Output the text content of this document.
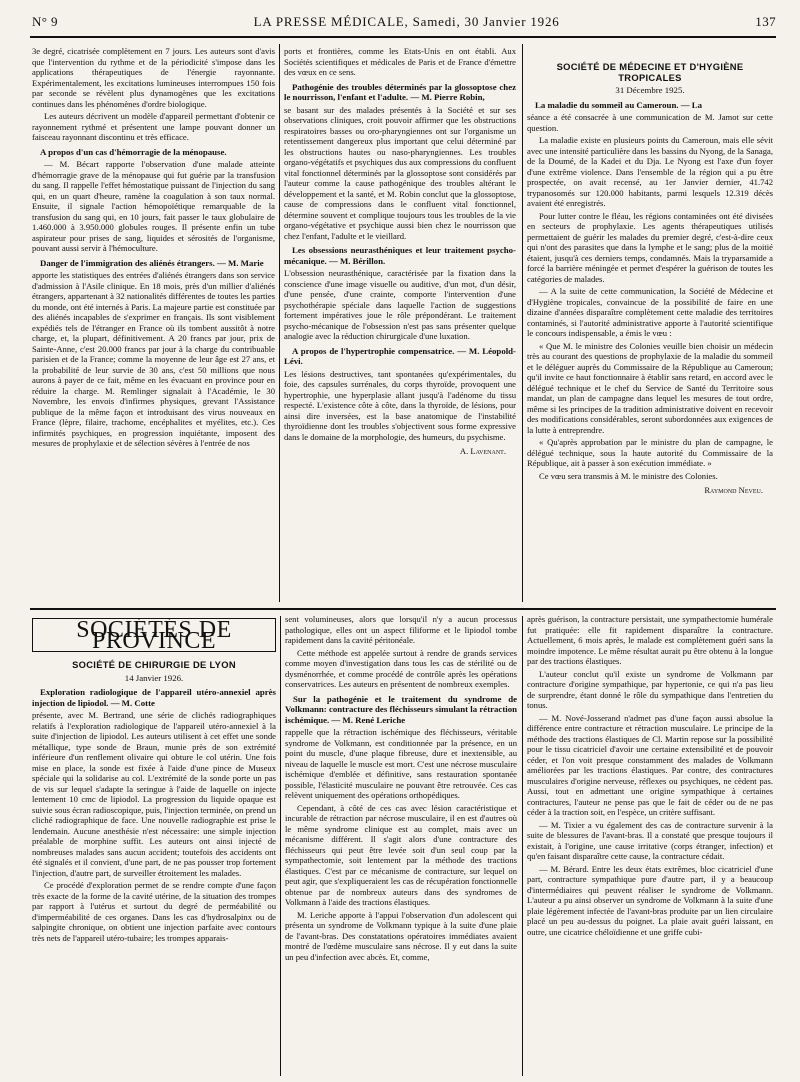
N° 9	LA PRESSE MÉDICALE, Samedi, 30 Janvier 1926	137

3e degré, cicatrisée complètement en 7 jours. Les auteurs sont d'avis que l'intervention du rythme et de la périodicité s'impose dans les applications thérapeutiques de l'énergie rayonnante. Expérimentalement, les excitations lumineuses interrompues 150 fois par seconde se révèlent plus dynamogènes que les excitations continues dans les phénomènes d'ordre biologique.

Les auteurs décrivent un modèle d'appareil permettant d'obtenir ce rayonnement rythmé et présentent une lampe pouvant donner un faisceau rayonnant discontinu et très efficace.

A propos d'un cas d'hémorragie de la ménopause.

— M. Bécart rapporte l'observation d'une malade atteinte d'hémorragie grave de la ménopause qui fut guérie par la transfusion du sang. Il rappelle l'effet hémostatique puissant de l'injection du sang qui, en un quart d'heure, ramène la coagulation à son taux normal. Ensuite, il signale l'action hémopoïétique remarquable de la transfusion du sang qui, en 10 jours, fait passer le taux globulaire de 1.460.000 à 3.950.000 globules rouges. Il présente enfin un tube aspirateur pour prises de sang, liquides et sérosités de l'organisme, pouvant aussi servir à l'hémoculture.

Danger de l'immigration des aliénés étrangers. — M. Marie

apporte les statistiques des entrées d'aliénés étrangers dans son service d'admission à l'Asile clinique. En 18 mois, près d'un millier d'aliénés étrangers, appartenant à 32 nationalités différentes de toutes les parties du monde, ont été internés à Paris. La majeure partie est constituée par des aliénés incapables de s'exprimer en français. Ils sont visiblement expédiés tels de l'étranger en France où ils tombent aussitôt à notre charge, et, la plupart, définitivement. A 20 francs par jour, prix de Sainte-Anne, c'est 20.000 francs par jour à la charge du contribuable parisien et de la France; comme la moyenne de leur âge est 27 ans, et la probabilité de leur survie de 30 ans, c'est 50 millions que nous aurons à payer de ce fait, même en les évacuant en province pour en réduire la charge. M. Remlinger signalait à l'Académie, le 30 Novembre, les envois d'infirmes physiques, grevant l'Assistance publique de la même façon et introduisant des virus nouveaux en France (lèpre, filaire, trachome, encéphalites et myélites, etc.). Ces infirmités psychiques, en progression inquiétante, imposent des mesures de prophylaxie et de sélection sévères à l'entrée de nos

ports et frontières, comme les Etats-Unis en ont établi. Aux Sociétés scientifiques et médicales de Paris et de France d'émettre des vœux en ce sens.

Pathogénie des troubles déterminés par la glossoptose chez le nourrisson, l'enfant et l'adulte. — M. Pierre Robin,

se basant sur des malades présentés à la Société et sur ses observations cliniques, croit pouvoir affirmer que les obstructions respiratoires basses ou oro-pharyngiennes ont sur l'organisme un retentissement dangereux plus important que celui déterminé par les obstructions hautes ou naso-pharyngiennes. Les troubles organo-végétatifs et psychiques dus aux compressions du confluent vital fonctionnel déterminés par la glossoptose sont considérés par l'auteur comme la cause pathogénique des troubles altérant le développement et la santé, et M. Robin conclut que la glossoptose, cause de compressions dans le confluent vital fonctionnel, détermine souvent et complique toujours tous les troubles de la vie organo-végétative et psychique aussi bien chez le nourrisson que chez l'enfant, l'adulte et le vieillard.

Les obsessions neurasthéniques et leur traitement psycho-mécanique. — M. Bérillon.

L'obsession neurasthénique, caractérisée par la fixation dans la conscience d'une image visuelle ou auditive, d'un mot, d'un désir, d'une pensée, d'une crainte, comporte l'intervention d'une psychothérapie spéciale dans laquelle l'action de suggestions fortement impératives joue le rôle prépondérant. Le traitement psycho-mécanique de l'obsession n'est pas sans présenter quelque analogie avec la réduction chirurgicale d'une luxation.

A propos de l'hypertrophie compensatrice. — M. Léopold-Lévi.

Les lésions destructives, tant spontanées qu'expérimentales, du foie, des capsules surrénales, du corps thyroïde, provoquent une hypertrophie, une hyperplasie allant jusqu'à l'adénome du tissu respecté. L'existence côte à côte, dans la thyroïde, de lésions, pour ainsi dire inversées, est la base anatomique de l'instabilité thyroïdienne dont les troubles s'objectivent sous forme expressive dans le domaine de la morphologie, des humeurs, du psychisme.

A. Lavenant.
SOCIÉTÉ DE MÉDECINE ET D'HYGIÈNE TROPICALES
31 Décembre 1925.
La maladie du sommeil au Cameroun. — La

séance a été consacrée à une communication de M. Jamot sur cette question.

La maladie existe en plusieurs points du Cameroun, mais elle sévit avec une intensité particulière dans les bassins du Nyong, de la Sanaga, de la Doumé, de la Kadei et du Dja. Le Nyong est l'axe d'un foyer d'une extrême violence. Dans l'ensemble de la région qui a pu être prospectée, on avait recensé, au 1er Janvier dernier, 41.742 trypanosomés sur 120.000 habitants, parmi lesquels 12.319 décès avaient été enregistrés.

Pour lutter contre le fléau, les régions contaminées ont été divisées en secteurs de prophylaxie. Les agents thérapeutiques utilisés permettaient de guérir les malades du premier degré, c'est-à-dire ceux qui n'ont des parasites que dans la lymphe et le sang; plus de la moitié étaient, jusqu'à ces derniers temps, condamnés. Mais la tryparsamide a forcé la barrière méningée et permet d'espérer la guérison de toutes les catégories de malades.

— A la suite de cette communication, la Société de Médecine et d'Hygiène tropicales, convaincue de la possibilité de faire en une dizaine d'années disparaître complètement cette maladie des territoires contaminés, si l'autorité administrative apporte à l'autorité scientifique le concours indispensable, a émis le vœu :

« Que M. le ministre des Colonies veuille bien choisir un médecin très au courant des questions de prophylaxie de la maladie du sommeil et le déléguer auprès du Commissaire de la République au Cameroun; qu'il invite ce haut fonctionnaire à établir sans retard, en accord avec le délégué technique et le chef du Service de Santé du Territoire sous mandat, un plan de campagne dans lequel les mesures de tout ordre, même si les principes de la tradition administrative doivent en recevoir des modifications considérables, seront subordonnées aux exigences de la lutte à entreprendre.

« Qu'après approbation par le ministre du plan de campagne, le délégué technique, sous la haute autorité du Commissaire de la République, ait à passer à son exécution immédiate. »

Ce vœu sera transmis à M. le ministre des Colonies.

Raymond Neveu.
SOCIÉTÉS DE PROVINCE
SOCIÉTÉ DE CHIRURGIE DE LYON
14 Janvier 1926.
Exploration radiologique de l'appareil utéro-annexiel après injection de lipiodol. — M. Cotte

présente, avec M. Bertrand, une série de clichés radiographiques relatifs à l'exploration radiologique de l'appareil utéro-annexiel à la suite d'injection de lipiodol. Les auteurs utilisent à cet effet une sonde métallique, type sonde de Braun, munie près de son extrémité inférieure d'un renflement olivaire qui obture le col utérin. Une fois mise en place, la sonde est fixée à l'aide d'une pince de Museux spéciale qui la solidarise au col. L'extrémité de la sonde porte un pas de vis sur lequel s'adapte la seringue à l'aide de laquelle on injecte lentement 10 cmc de lipiodol. La progression du liquide opaque est suivie sous écran radioscopique, puis, l'injection terminée, on prend un cliché radiographique de face. Une nouvelle radiographie est prise le lendemain. Aucune anesthésie n'est nécessaire: une simple injection préalable de morphine suffit. Les auteurs ont ainsi injecté de nombreuses malades sans aucun accident; toutefois des accidents ont été signalés et il convient, d'une part, de ne pas pousser trop fortement l'injection, d'autre part, de surveiller étroitement les malades.

Ce procédé d'exploration permet de se rendre compte d'une façon très exacte de la forme de la cavité utérine, de la situation des trompes par rapport à l'utérus et surtout du degré de perméabilité ou d'imperméabilité de ces organes. Dans les cas d'hydrosalpinx ou de salpingite chronique, on obtient une injection parfaite avec contours très nets de l'appareil utéro-tubaire; les trompes apparais-

sent volumineuses, alors que lorsqu'il n'y a aucun processus pathologique, elles ont un aspect filiforme et le lipiodol tombe rapidement dans la cavité péritonéale.

Cette méthode est appelée surtout à rendre de grands services comme moyen d'investigation dans tous les cas de stérilité ou de dysménorrhée, et comme procédé de contrôle après les opérations conservatrices. Les auteurs en présentent de nombreux exemples.

Sur la pathogénie et le traitement du syndrome de Volkmann: contracture des fléchisseurs simulant la rétraction ischémique. — M. René Leriche

rappelle que la rétraction ischémique des fléchisseurs, véritable syndrome de Volkmann, est conditionnée par la présence, en un point du muscle, d'une plaque fibreuse, dure et inextensible, au niveau de laquelle le muscle est mort. C'est une nécrose musculaire ischémique d'emblée et définitive, sans restauration spontanée possible, l'élasticité musculaire ne pouvant être retrouvée. Ces cas relèvent uniquement des opérations orthopédiques.

Cependant, à côté de ces cas avec lésion caractéristique et incurable de rétraction par nécrose musculaire, il en est d'autres où le même syndrome clinique est au complet, mais avec un mécanisme différent. Il s'agit alors d'une contracture des fléchisseurs qui peut être levée soit d'un seul coup par la sympathectomie, soit lentement par la méthode des tractions élastiques. C'est par ce mécanisme de contracture, sur lequel on peut agir, que s'expliqueraient les cas de récupération fonctionnelle obtenue par de nombreux auteurs dans des syndromes de Volkmann à l'aide des tractions élastiques.

M. Leriche apporte à l'appui l'observation d'un adolescent qui présenta un syndrome de Volkmann typique à la suite d'une plaie de l'avant-bras. Des constatations opératoires immédiates avaient montré de l'œdème musculaire sans nécrose. Il y eut dans la suite un peu d'infection avec abcès. Et, comme,

après guérison, la contracture persistait, une sympathectomie humérale fut pratiquée: elle fit rapidement disparaître la contracture. Actuellement, 6 mois après, le malade est complètement guéri sans la moindre impotence. Le même résultat aurait pu être obtenu à la longue par des tractions élastiques.

L'auteur conclut qu'il existe un syndrome de Volkmann par contracture d'origine sympathique, par hypertonie, ce qui n'a pas lieu de surprendre, étant donné le rôle du sympathique dans l'entretien du tonus.

— M. Nové-Josserand n'admet pas d'une façon aussi absolue la différence entre contracture et rétraction musculaire. Le principe de la méthode des tractions élastiques de Cl. Martin repose sur la possibilité pour le tissu cicatriciel d'avoir une certaine extensibilité et de pouvoir céder, et l'on voit presque constamment des malades de Volkmann améliorées par les tractions élastiques. Par contre, des contractures musculaires d'origine nerveuse, réflexes ou psychiques, ne cèdent pas. Aussi, tout en admettant une origine sympathique à certaines contractures, l'auteur ne pense pas que le fait de céder ou de ne pas céder à la traction soit, en l'espèce, un critère suffisant.

— M. Tixier a vu également des cas de contracture survenir à la suite de blessures de l'avant-bras. Il a constaté que presque toujours il existait, à l'origine, une cause irritative (corps étranger, infection) et qu'en faisant disparaître cette cause, la contracture cédait.

— M. Bérard. Entre les deux états extrêmes, bloc cicatriciel d'une part, contracture sympathique pure d'autre part, il y a beaucoup d'intermédiaires qui peuvent réaliser le syndrome de Volkmann. L'auteur a pu ainsi observer un syndrome de Volkmann à la suite d'une plaie légèrement infectée de l'avant-bras produite par un lien circulaire placé un peu au-dessus du poignet. La plaie avait guéri laissant, en outre, une cicatrice chéloïdienne et une griffe cubi-
